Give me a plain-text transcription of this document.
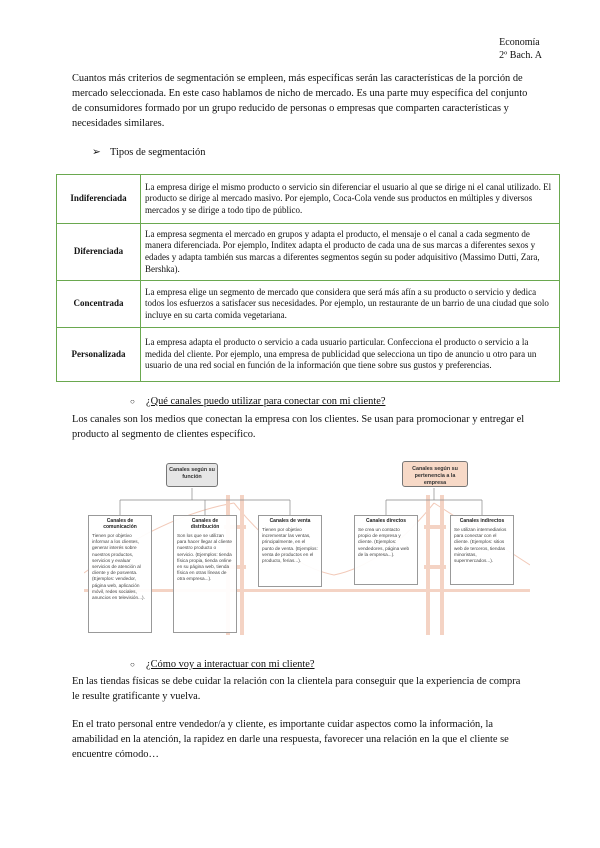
Economía
2º Bach. A
Cuantos más criterios de segmentación se empleen, más específicas serán las características de la porción de mercado seleccionada. En este caso hablamos de nicho de mercado. Es una parte muy específica del conjunto de consumidores formado por un grupo reducido de personas o empresas que comparten características y necesidades similares.
➢ Tipos de segmentación
Indiferenciada	La empresa dirige el mismo producto o servicio sin diferenciar el usuario al que se dirige ni el canal utilizado. El producto se dirige al mercado masivo. Por ejemplo, Coca-Cola vende sus productos en múltiples y diversos mercados y se dirige a todo tipo de público.
Diferenciada	La empresa segmenta el mercado en grupos y adapta el producto, el mensaje o el canal a cada segmento de manera diferenciada. Por ejemplo, Inditex adapta el producto de cada una de sus marcas a diferentes sexos y edades y adapta también sus marcas a diferentes segmentos según su poder adquisitivo (Massimo Dutti, Zara, Bershka).
Concentrada	La empresa elige un segmento de mercado que considera que será más afín a su producto o servicio y dedica todos los esfuerzos a satisfacer sus necesidades. Por ejemplo, un restaurante de un barrio de una ciudad que solo incluye en su carta comida vegetariana.
Personalizada	La empresa adapta el producto o servicio a cada usuario particular. Confecciona el producto o servicio a la medida del cliente. Por ejemplo, una empresa de publicidad que selecciona un tipo de anuncio u otro para un usuario de una red social en función de la información que tiene sobre sus gustos y preferencias.
○ ¿Qué canales puedo utilizar para conectar con mi cliente?
Los canales son los medios que conectan la empresa con los clientes. Se usan para promocionar y entregar el producto al segmento de clientes específico.
Canales según su función
Canales según su pertenencia a la empresa
Canales de comunicación
Tienen por objetivo informar a los clientes, generar interés sobre nuestros productos, servicios y evaluar servicios de atención al cliente y de posventa. (Ejemplos: vendedor, página web, aplicación móvil, redes sociales, anuncios en televisión...).
Canales de distribución
Son los que se utilizan para hacer llegar al cliente nuestro producto o servicio. (Ejemplos: tienda física propia, tienda online en su página web, tienda física en otras líneas de otra empresa...).
Canales de venta
Tienen por objetivo incrementar las ventas, principalmente, en el punto de venta. (Ejemplos: venta de productos en el producto, ferias...).
Canales directos
Se crea un contacto propio de empresa y cliente. (Ejemplos: vendedores, página web de la empresa...).
Canales indirectos
Se utilizan intermediarios para conectar con el cliente. (Ejemplos: sitios web de terceros, tiendas minoristas, supermercados...).
○ ¿Cómo voy a interactuar con mi cliente?
En las tiendas físicas se debe cuidar la relación con la clientela para conseguir que la experiencia de compra le resulte gratificante y vuelva.
En el trato personal entre vendedor/a y cliente, es importante cuidar aspectos como la información, la amabilidad en la atención, la rapidez en darle una respuesta, favorecer una relación en la que el cliente se encuentre cómodo…
